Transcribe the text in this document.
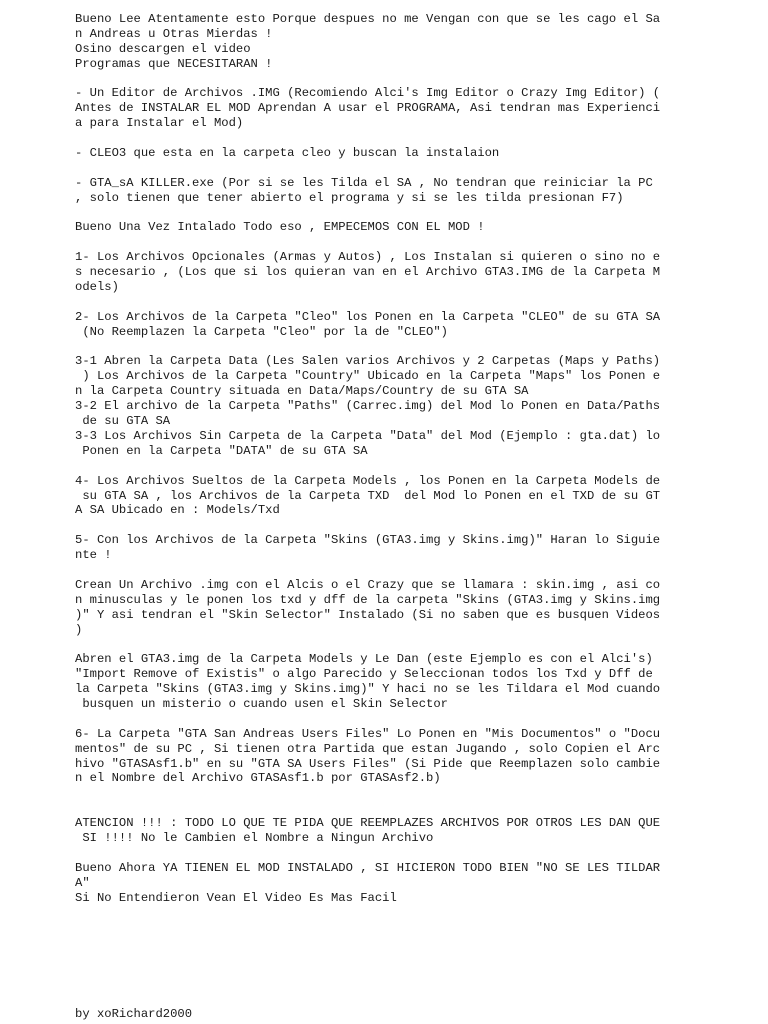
Bueno Lee Atentamente esto Porque despues no me Vengan con que se les cago el Sa
n Andreas u Otras Mierdas !
Osino descargen el video
Programas que NECESITARAN !
- Un Editor de Archivos .IMG (Recomiendo Alci's Img Editor o Crazy Img Editor) (
Antes de INSTALAR EL MOD Aprendan A usar el PROGRAMA, Asi tendran mas Experienci
a para Instalar el Mod)
- CLEO3 que esta en la carpeta cleo y buscan la instalaion
- GTA_sA KILLER.exe (Por si se les Tilda el SA , No tendran que reiniciar la PC
, solo tienen que tener abierto el programa y si se les tilda presionan F7)
Bueno Una Vez Intalado Todo eso , EMPECEMOS CON EL MOD !
1- Los Archivos Opcionales (Armas y Autos) , Los Instalan si quieren o sino no e
s necesario , (Los que si los quieran van en el Archivo GTA3.IMG de la Carpeta M
odels)
2- Los Archivos de la Carpeta "Cleo" los Ponen en la Carpeta "CLEO" de su GTA SA
(No Reemplazen la Carpeta "Cleo" por la de "CLEO")
3-1 Abren la Carpeta Data (Les Salen varios Archivos y 2 Carpetas (Maps y Paths)
) Los Archivos de la Carpeta "Country" Ubicado en la Carpeta "Maps" los Ponen e
n la Carpeta Country situada en Data/Maps/Country de su GTA SA
3-2 El archivo de la Carpeta "Paths" (Carrec.img) del Mod lo Ponen en Data/Paths
de su GTA SA
3-3 Los Archivos Sin Carpeta de la Carpeta "Data" del Mod (Ejemplo : gta.dat) lo
Ponen en la Carpeta "DATA" de su GTA SA
4- Los Archivos Sueltos de la Carpeta Models , los Ponen en la Carpeta Models de
su GTA SA , los Archivos de la Carpeta TXD  del Mod lo Ponen en el TXD de su GT
A SA Ubicado en : Models/Txd
5- Con los Archivos de la Carpeta "Skins (GTA3.img y Skins.img)" Haran lo Siguie
nte !
Crean Un Archivo .img con el Alcis o el Crazy que se llamara : skin.img , asi co
n minusculas y le ponen los txd y dff de la carpeta "Skins (GTA3.img y Skins.img
)" Y asi tendran el "Skin Selector" Instalado (Si no saben que es busquen Videos
)
Abren el GTA3.img de la Carpeta Models y Le Dan (este Ejemplo es con el Alci's)
"Import Remove of Existis" o algo Parecido y Seleccionan todos los Txd y Dff de
la Carpeta "Skins (GTA3.img y Skins.img)" Y haci no se les Tildara el Mod cuando
busquen un misterio o cuando usen el Skin Selector
6- La Carpeta "GTA San Andreas Users Files" Lo Ponen en "Mis Documentos" o "Docu
mentos" de su PC , Si tienen otra Partida que estan Jugando , solo Copien el Arc
hivo "GTASAsf1.b" en su "GTA SA Users Files" (Si Pide que Reemplazen solo cambie
n el Nombre del Archivo GTASAsf1.b por GTASAsf2.b)
ATENCION !!! : TODO LO QUE TE PIDA QUE REEMPLAZES ARCHIVOS POR OTROS LES DAN QUE
SI !!!! No le Cambien el Nombre a Ningun Archivo
Bueno Ahora YA TIENEN EL MOD INSTALADO , SI HICIERON TODO BIEN "NO SE LES TILDAR
A"
Si No Entendieron Vean El Video Es Mas Facil
by xoRichard2000
